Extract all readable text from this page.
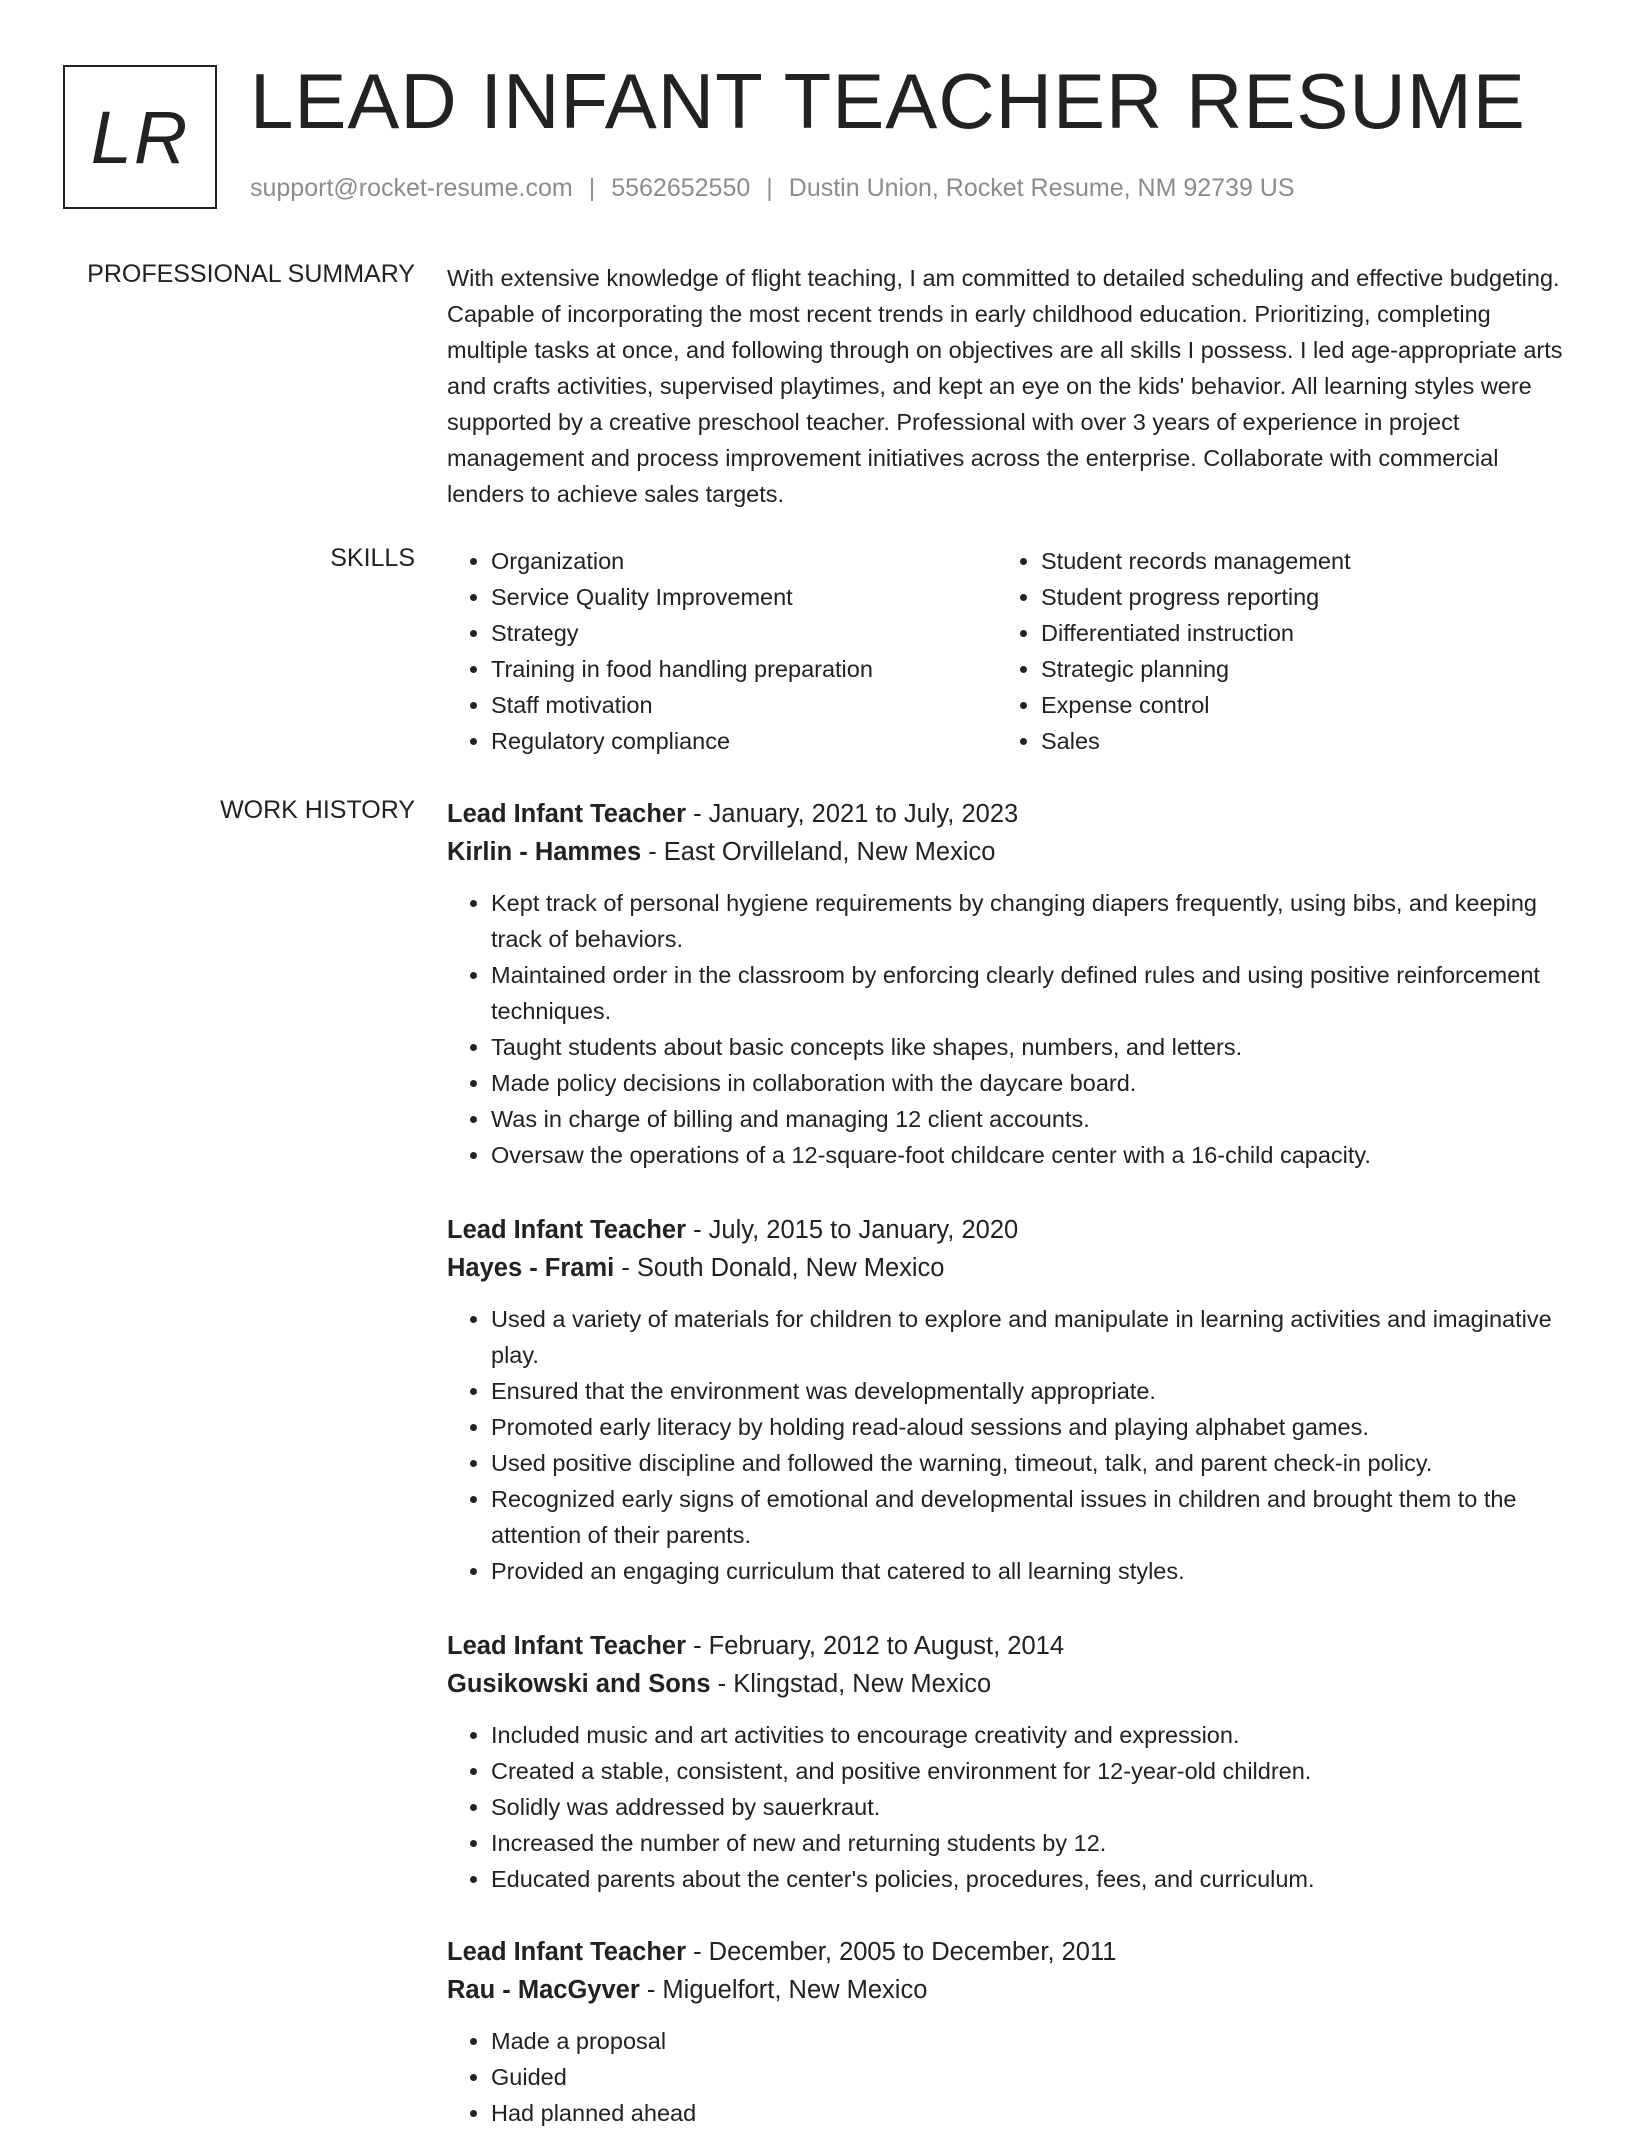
LR LEAD INFANT TEACHER RESUME
support@rocket-resume.com | 5562652550 | Dustin Union, Rocket Resume, NM 92739 US
PROFESSIONAL SUMMARY With extensive knowledge of flight teaching, I am committed to detailed scheduling and effective budgeting. Capable of incorporating the most recent trends in early childhood education. Prioritizing, completing multiple tasks at once, and following through on objectives are all skills I possess. I led age-appropriate arts and crafts activities, supervised playtimes, and kept an eye on the kids' behavior. All learning styles were supported by a creative preschool teacher. Professional with over 3 years of experience in project management and process improvement initiatives across the enterprise. Collaborate with commercial lenders to achieve sales targets.

SKILLS
•	Organization
• Service Quality Improvement
• Strategy
• Training in food handling preparation
• Staff motivation
• Regulatory compliance
• Student records management
• Student progress reporting
• Differentiated instruction
• Strategic planning
• Expense control
• Sales
WORK HISTORY Lead Infant Teacher - January, 2021 to July, 2023
Kirlin - Hammes - East Orvilleland, New Mexico
• Kept track of personal hygiene requirements by changing diapers frequently, using bibs, and keeping track of behaviors.
• Maintained order in the classroom by enforcing clearly defined rules and using positive reinforcement techniques.
• Taught students about basic concepts like shapes, numbers, and letters.
• Made policy decisions in collaboration with the daycare board.
• Was in charge of billing and managing 12 client accounts.
• Oversaw the operations of a 12-square-foot childcare center with a 16-child capacity.
Lead Infant Teacher - July, 2015 to January, 2020
Hayes - Frami - South Donald, New Mexico
• Used a variety of materials for children to explore and manipulate in learning activities and imaginative play.
• Ensured that the environment was developmentally appropriate.
• Promoted early literacy by holding read-aloud sessions and playing alphabet games.
• Used positive discipline and followed the warning, timeout, talk, and parent check-in policy.
• Recognized early signs of emotional and developmental issues in children and brought them to the attention of their parents.
• Provided an engaging curriculum that catered to all learning styles.
Lead Infant Teacher - February, 2012 to August, 2014
Gusikowski and Sons - Klingstad, New Mexico
• Included music and art activities to encourage creativity and expression.
• Created a stable, consistent, and positive environment for 12-year-old children.
• Solidly was addressed by sauerkraut.
• Increased the number of new and returning students by 12.
• Educated parents about the center's policies, procedures, fees, and curriculum.
Lead Infant Teacher - December, 2005 to December, 2011
Rau - MacGyver - Miguelfort, New Mexico
• Made a proposal
• Guided
• Had planned ahead
